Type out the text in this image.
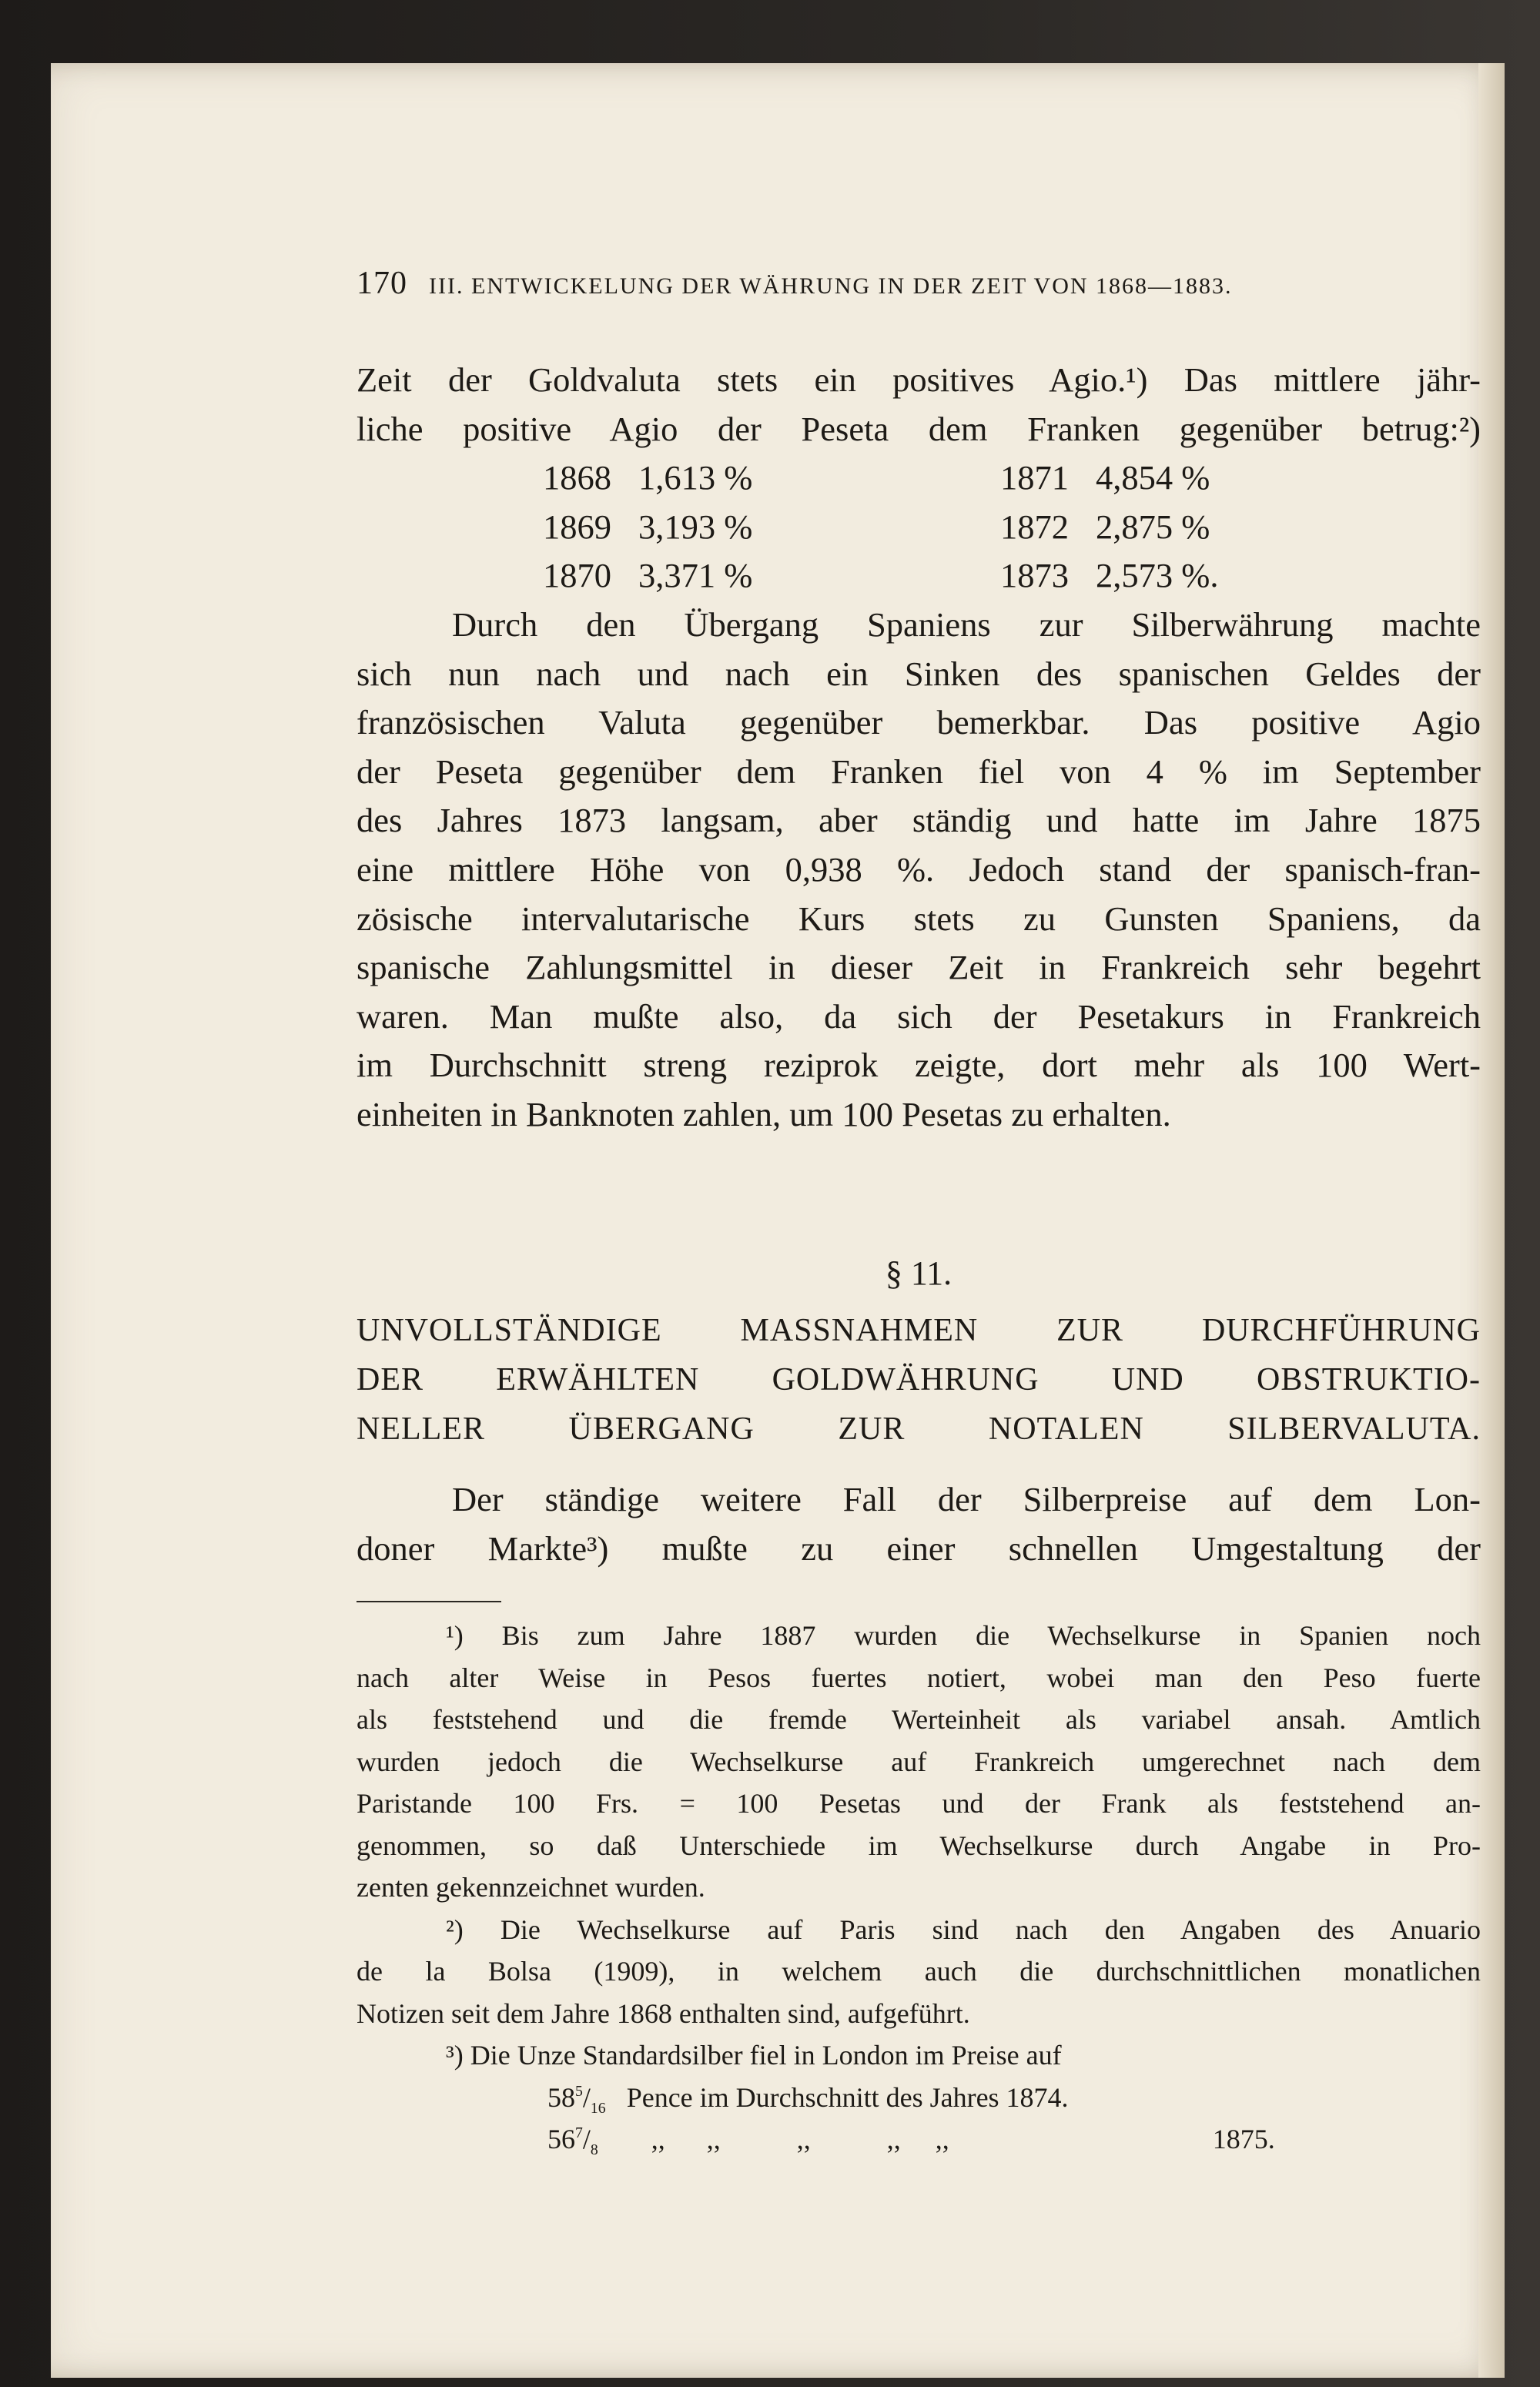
170 III. ENTWICKELUNG DER WÄHRUNG IN DER ZEIT VON 1868—1883.
Zeit der Goldvaluta stets ein positives Agio.¹) Das mittlere jähr-
liche positive Agio der Peseta dem Franken gegenüber betrug:²)
1868	1,613 %	1871	4,854 %
1869	3,193 %	1872	2,875 %
1870	3,371 %	1873	2,573 %.
Durch den Übergang Spaniens zur Silberwährung machte
sich nun nach und nach ein Sinken des spanischen Geldes der
französischen Valuta gegenüber bemerkbar. Das positive Agio
der Peseta gegenüber dem Franken fiel von 4 % im September
des Jahres 1873 langsam, aber ständig und hatte im Jahre 1875
eine mittlere Höhe von 0,938 %. Jedoch stand der spanisch-fran-
zösische intervalutarische Kurs stets zu Gunsten Spaniens, da
spanische Zahlungsmittel in dieser Zeit in Frankreich sehr begehrt
waren. Man mußte also, da sich der Pesetakurs in Frankreich
im Durchschnitt streng reziprok zeigte, dort mehr als 100 Wert-
einheiten in Banknoten zahlen, um 100 Pesetas zu erhalten.
§ 11.
UNVOLLSTÄNDIGE MASSNAHMEN ZUR DURCHFÜHRUNG
DER ERWÄHLTEN GOLDWÄHRUNG UND OBSTRUKTIO-
NELLER ÜBERGANG ZUR NOTALEN SILBERVALUTA.
Der ständige weitere Fall der Silberpreise auf dem Lon-
doner Markte³) mußte zu einer schnellen Umgestaltung der
¹) Bis zum Jahre 1887 wurden die Wechselkurse in Spanien noch
nach alter Weise in Pesos fuertes notiert, wobei man den Peso fuerte
als feststehend und die fremde Werteinheit als variabel ansah. Amtlich
wurden jedoch die Wechselkurse auf Frankreich umgerechnet nach dem
Paristande 100 Frs. = 100 Pesetas und der Frank als feststehend an-
genommen, so daß Unterschiede im Wechselkurse durch Angabe in Pro-
zenten gekennzeichnet wurden.
²) Die Wechselkurse auf Paris sind nach den Angaben des Anuario
de la Bolsa (1909), in welchem auch die durchschnittlichen monatlichen
Notizen seit dem Jahre 1868 enthalten sind, aufgeführt.
³) Die Unze Standardsilber fiel in London im Preise auf
$58^5/_{16}$ Pence im Durchschnitt des Jahres 1874.
$56^7/_8$ ,,      ,,           ,,           ,,     ,,	1875.
